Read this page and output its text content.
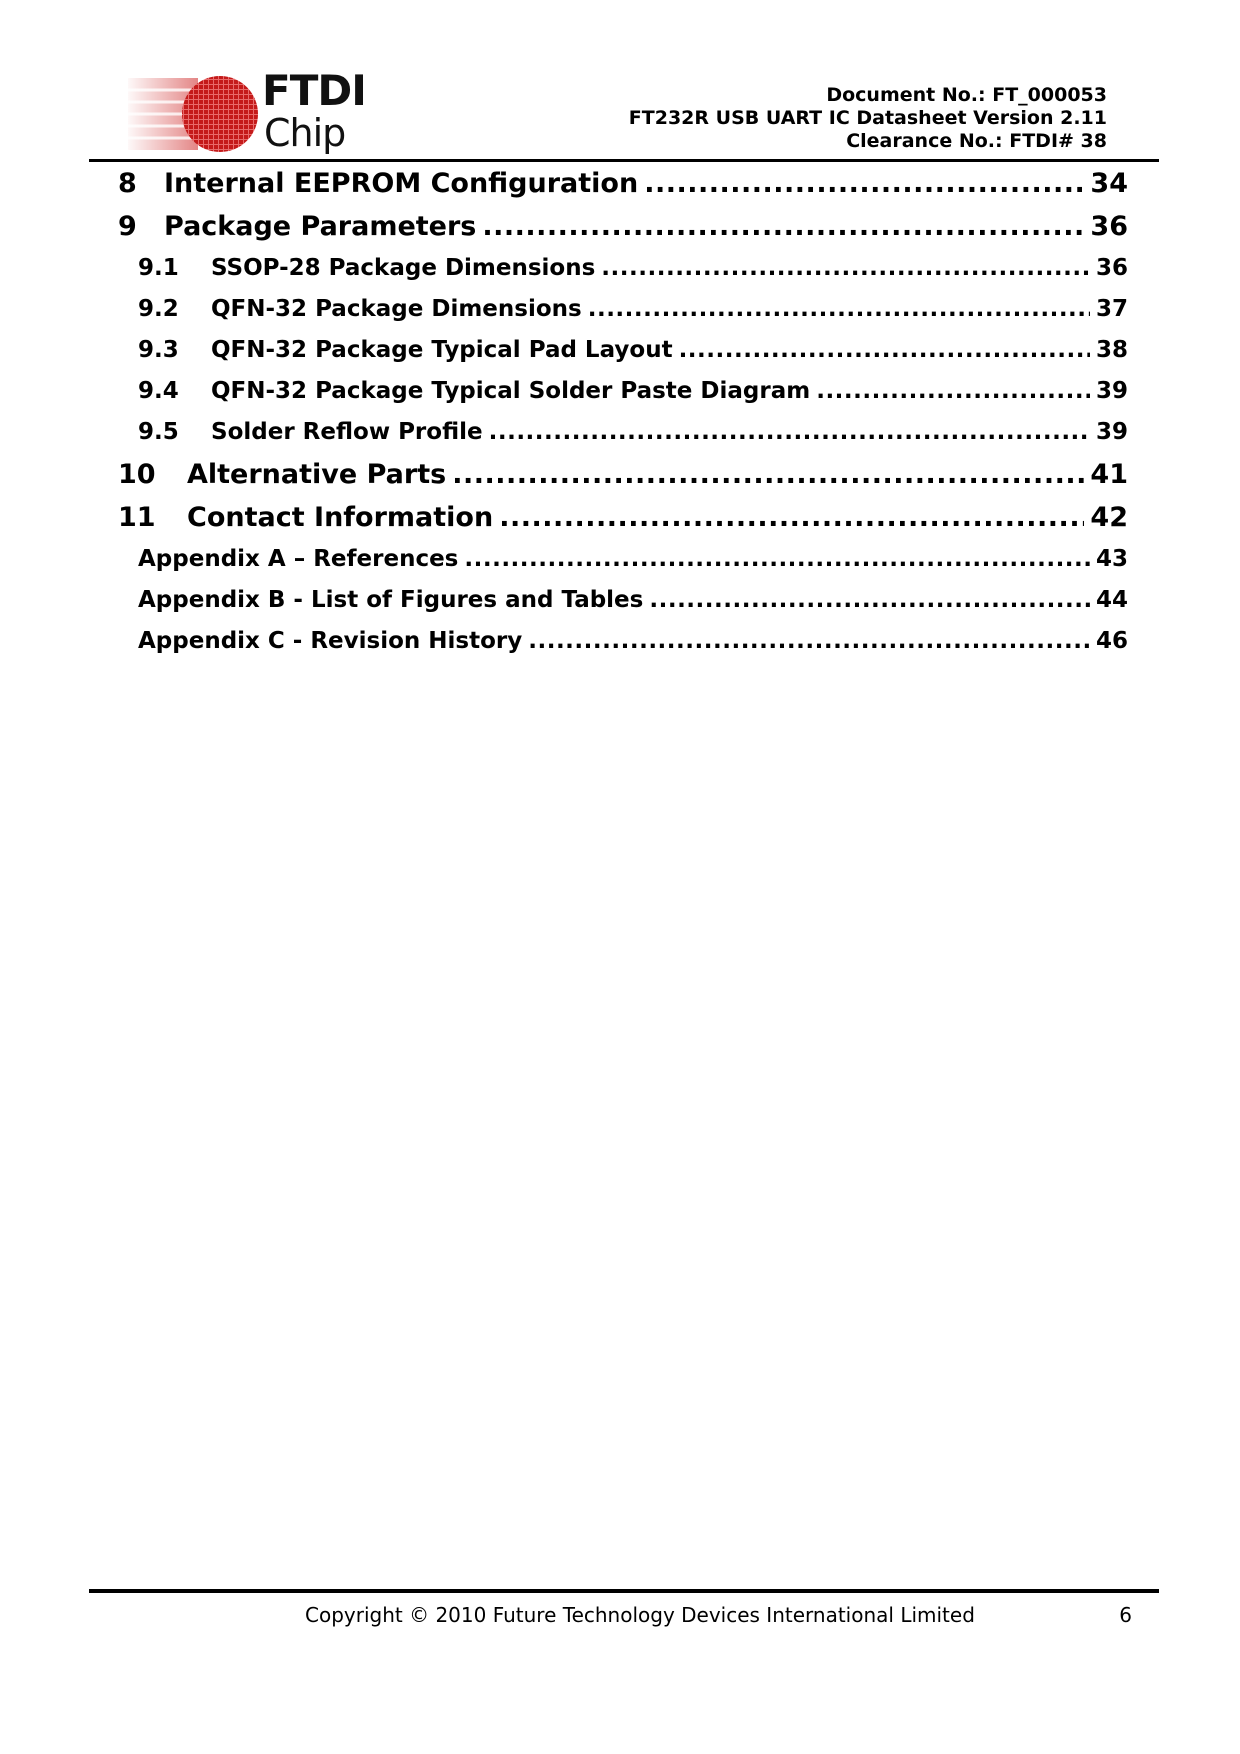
FTDI
Chip
Document No.: FT_000053
FT232R USB UART IC Datasheet Version 2.11
Clearance No.: FTDI# 38
8	Internal EEPROM Configuration .....	34
9	Package Parameters .....	36
9.1	SSOP-28 Package Dimensions .....	36
9.2	QFN-32 Package Dimensions .....	37
9.3	QFN-32 Package Typical Pad Layout .....	38
9.4	QFN-32 Package Typical Solder Paste Diagram .....	39
9.5	Solder Reflow Profile .....	39
10	Alternative Parts .....	41
11	Contact Information .....	42
Appendix A – References .....	43
Appendix B - List of Figures and Tables .....	44
Appendix C - Revision History .....	46
Copyright © 2010 Future Technology Devices International Limited	6
